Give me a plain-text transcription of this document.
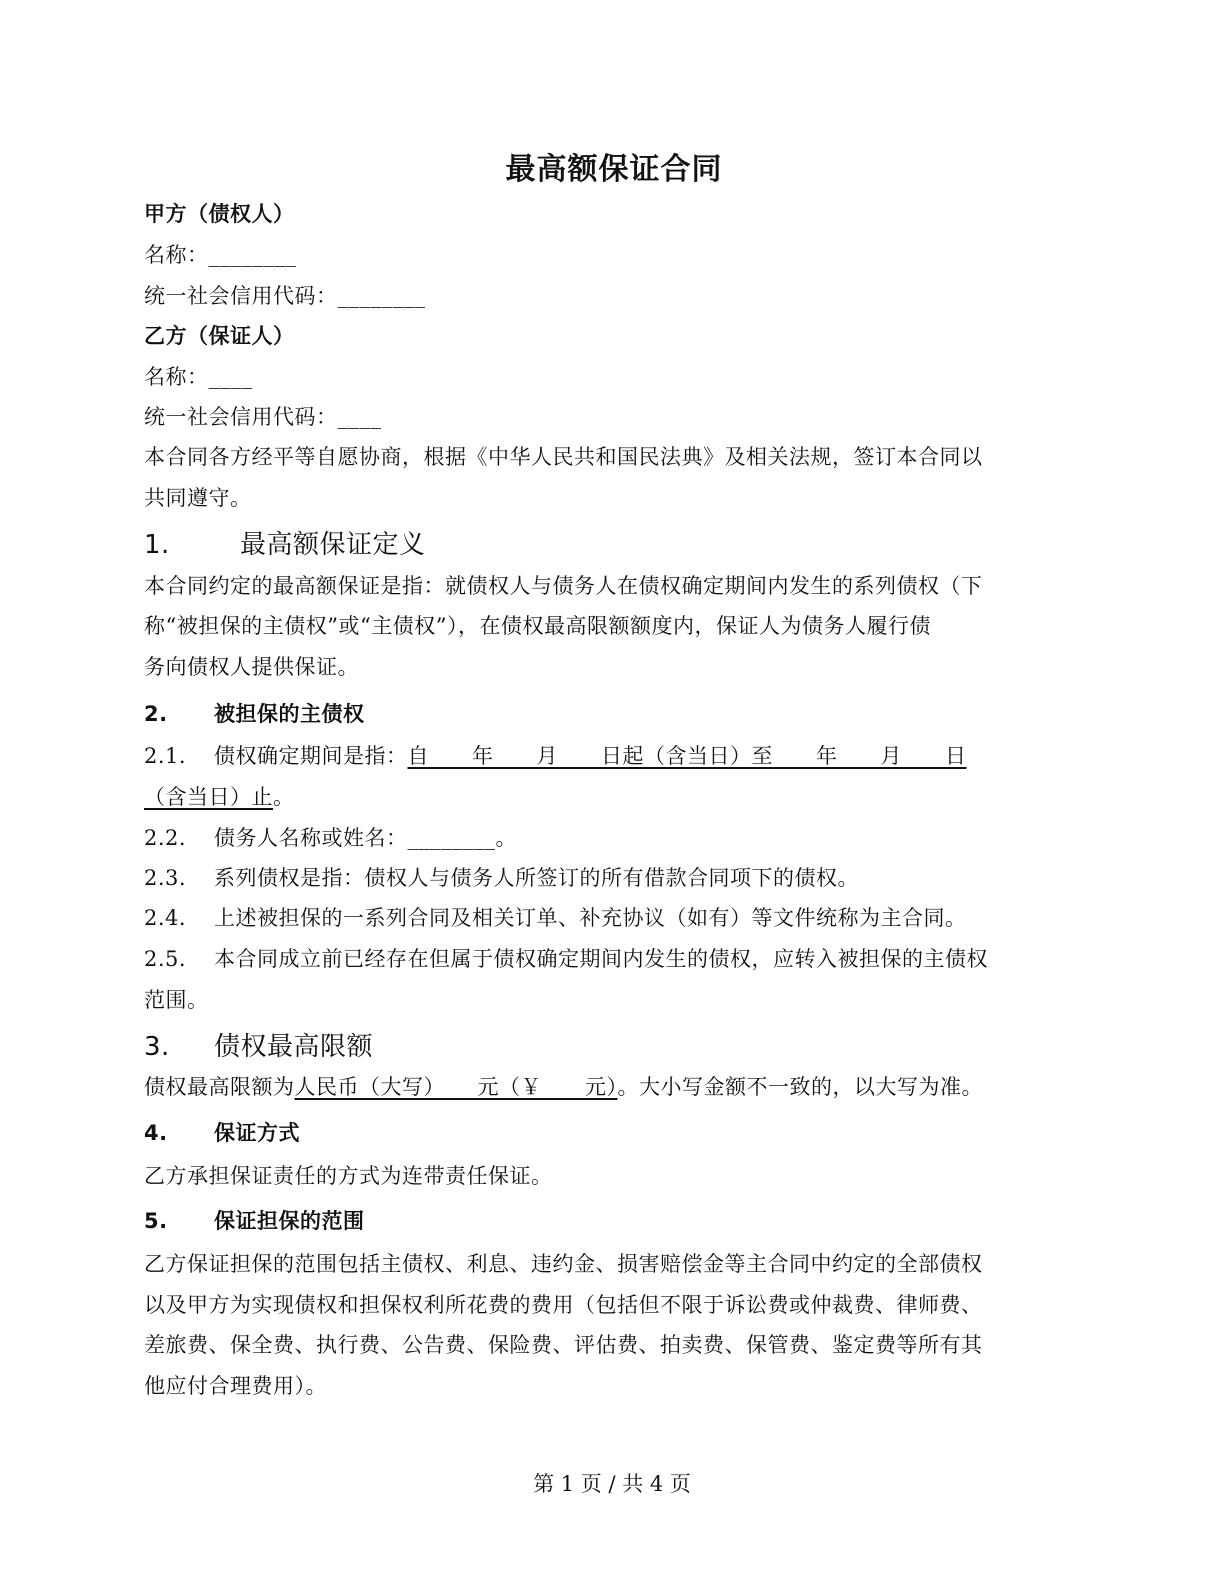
最高额保证合同
甲方（债权人）
名称：________
统一社会信用代码：________
乙方（保证人）
名称：____
统一社会信用代码：____
本合同各方经平等自愿协商，根据《中华人民共和国民法典》及相关法规，签订本合同以
共同遵守。
1.	最高额保证定义
本合同约定的最高额保证是指：就债权人与债务人在债权确定期间内发生的系列债权（下
称“被担保的主债权”或“主债权”），在债权最高限额额度内，保证人为债务人履行债
务向债权人提供保证。
2. 被担保的主债权
2.1. 债权确定期间是指：自　　年　　月　　日起（含当日）至　　年　　月　　日
（含当日）止。
2.2. 债务人名称或姓名：________。
2.3. 系列债权是指：债权人与债务人所签订的所有借款合同项下的债权。
2.4. 上述被担保的一系列合同及相关订单、补充协议（如有）等文件统称为主合同。
2.5. 本合同成立前已经存在但属于债权确定期间内发生的债权，应转入被担保的主债权
范围。
3. 债权最高限额
债权最高限额为人民币（大写）　　元（￥　　元）。大小写金额不一致的，以大写为准。
4. 保证方式
乙方承担保证责任的方式为连带责任保证。
5. 保证担保的范围
乙方保证担保的范围包括主债权、利息、违约金、损害赔偿金等主合同中约定的全部债权
以及甲方为实现债权和担保权利所花费的费用（包括但不限于诉讼费或仲裁费、律师费、
差旅费、保全费、执行费、公告费、保险费、评估费、拍卖费、保管费、鉴定费等所有其
他应付合理费用）。
第 1 页 / 共 4 页
